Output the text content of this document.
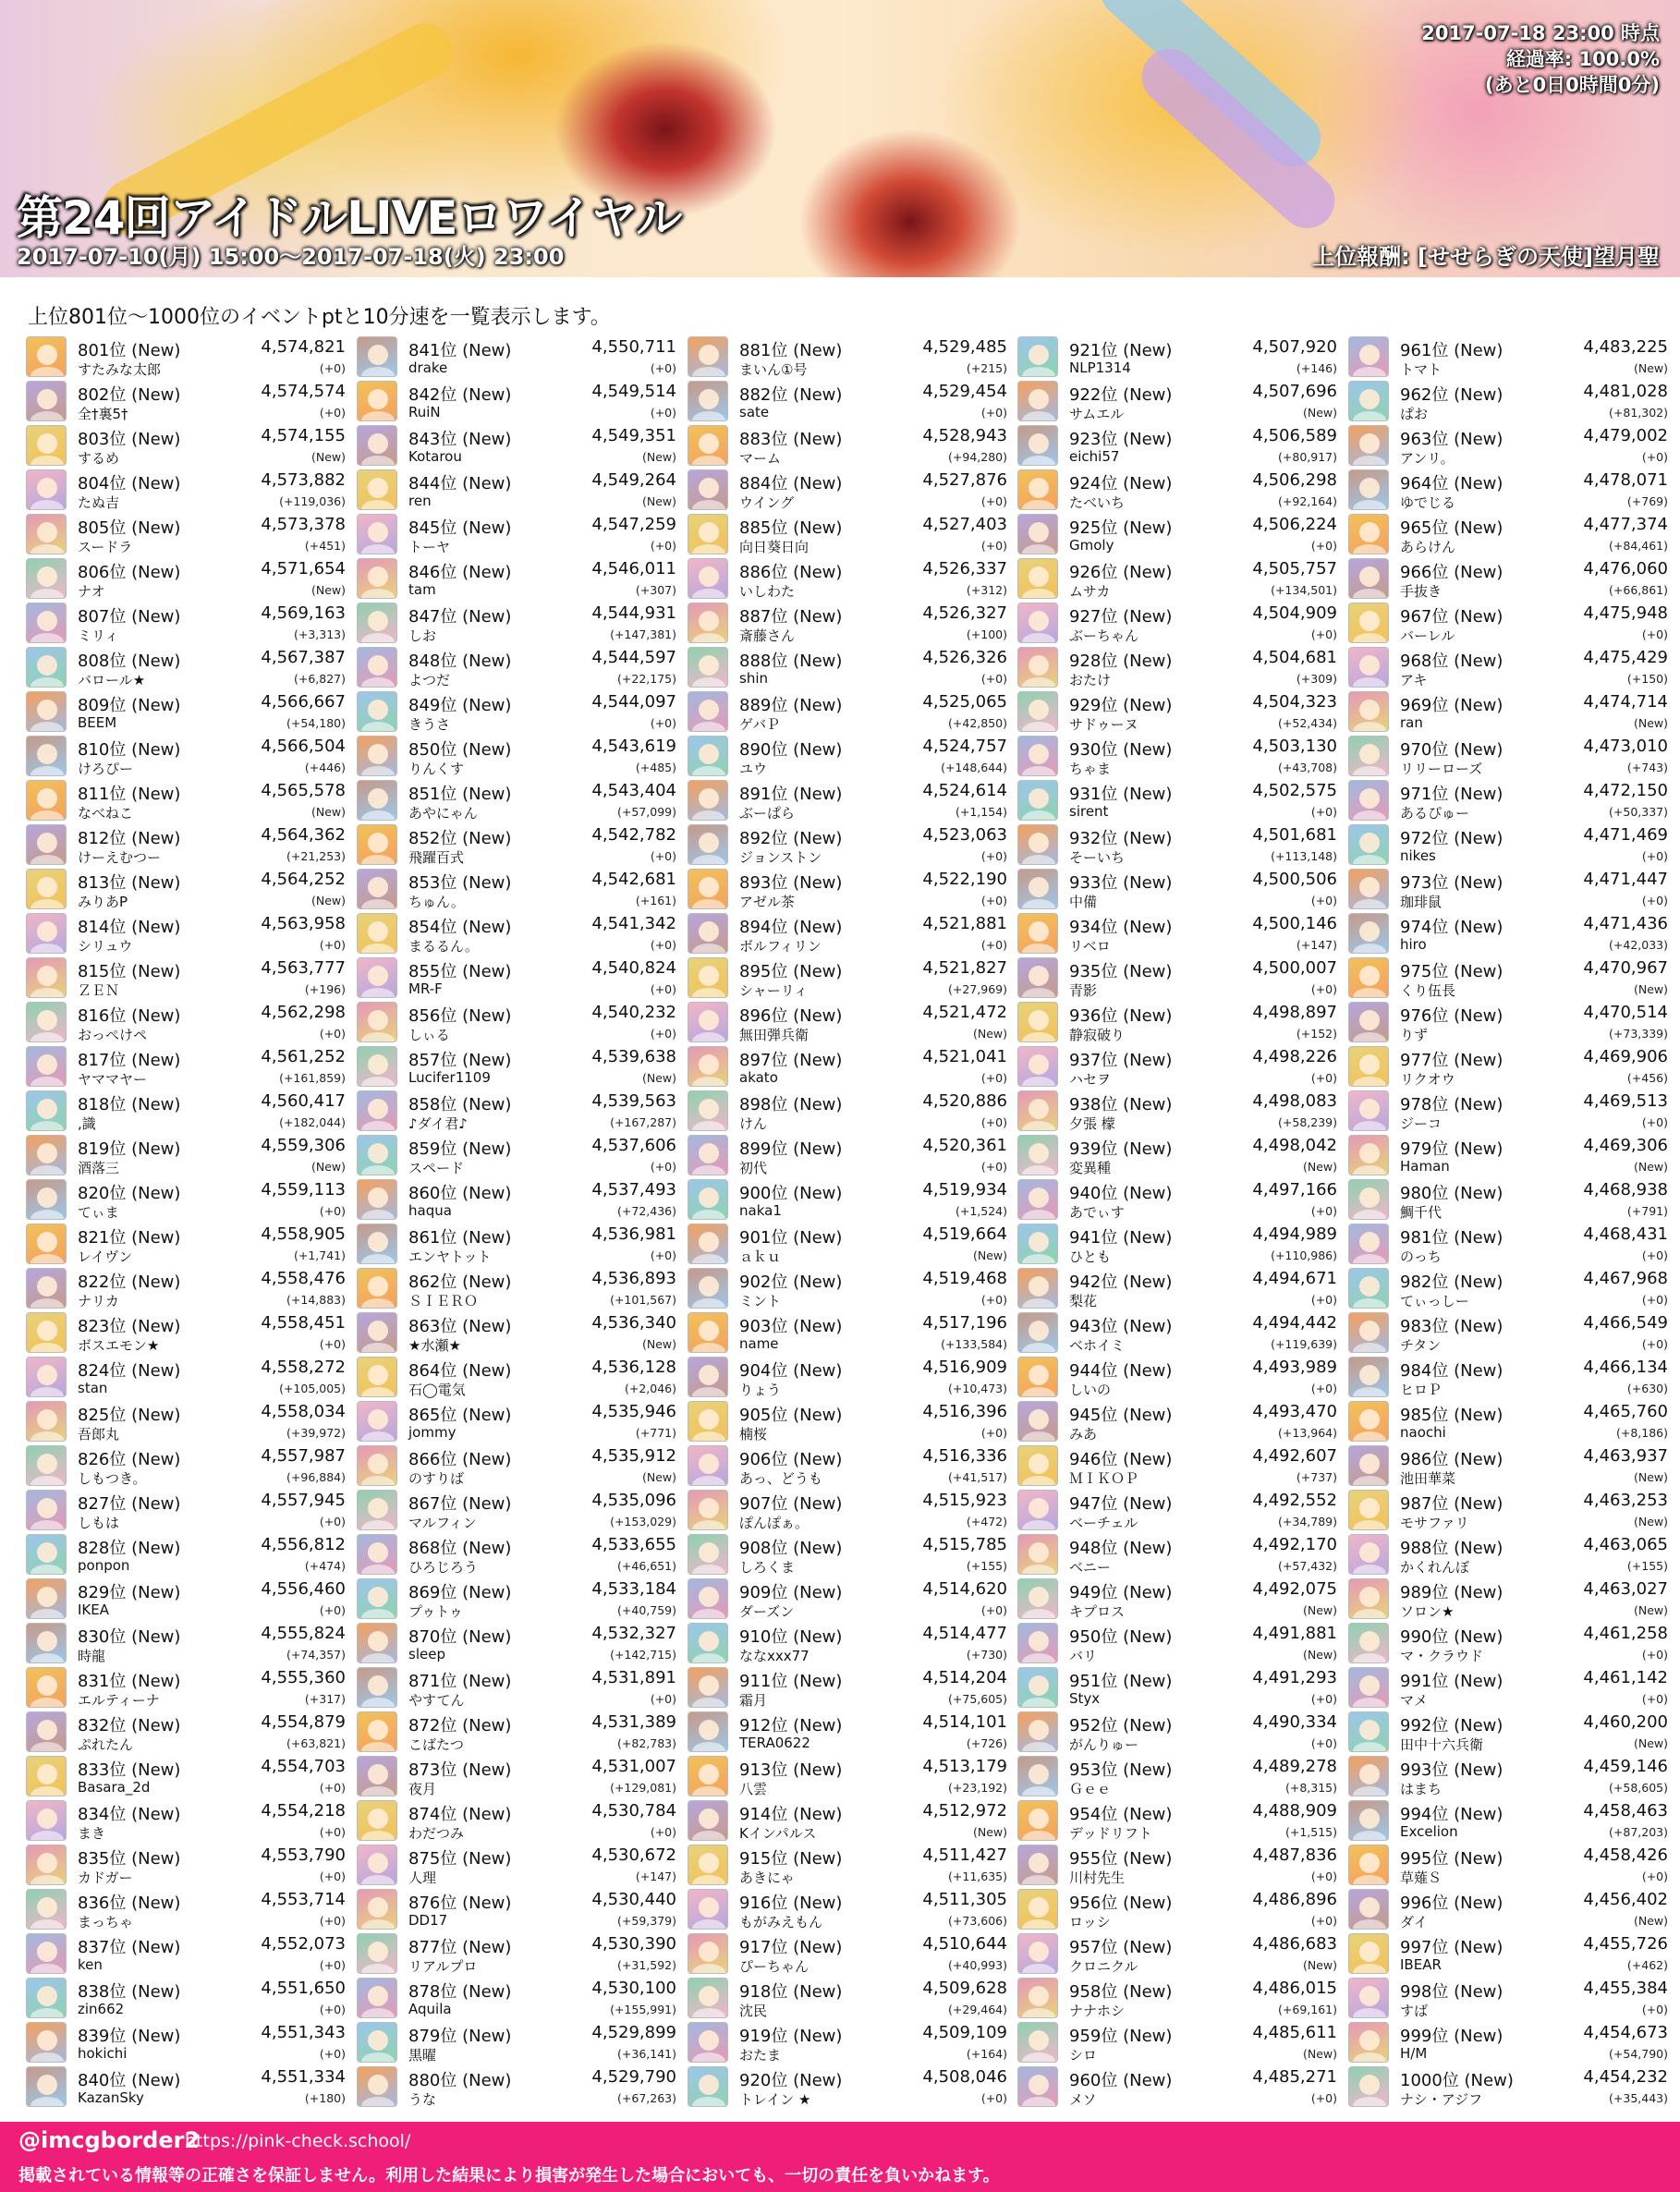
2017-07-18 23:00 時点
経過率: 100.0%
(あと0日0時間0分)
第24回アイドルLIVEロワイヤル
2017-07-10(月) 15:00～2017-07-18(火) 23:00	上位報酬: [せせらぎの天使]望月聖
上位801位～1000位のイベントptと10分速を一覧表示します。
801位 (New)	4,574,821
すたみな太郎	(+0)
802位 (New)	4,574,574
全†裏5†	(+0)
803位 (New)	4,574,155
するめ	(New)
804位 (New)	4,573,882
たぬ吉	(+119,036)
805位 (New)	4,573,378
スードラ	(+451)
806位 (New)	4,571,654
ナオ	(New)
807位 (New)	4,569,163
ミリィ	(+3,313)
808位 (New)	4,567,387
バロール★	(+6,827)
809位 (New)	4,566,667
BEEM	(+54,180)
810位 (New)	4,566,504
けろぴー	(+446)
811位 (New)	4,565,578
なべねこ	(New)
812位 (New)	4,564,362
けーえむつー	(+21,253)
813位 (New)	4,564,252
みりあP	(New)
814位 (New)	4,563,958
シリュウ	(+0)
815位 (New)	4,563,777
ＺＥＮ	(+196)
816位 (New)	4,562,298
おっぺけペ	(+0)
817位 (New)	4,561,252
ヤママヤー	(+161,859)
818位 (New)	4,560,417
,識	(+182,044)
819位 (New)	4,559,306
酒落三	(New)
820位 (New)	4,559,113
てぃま	(+0)
821位 (New)	4,558,905
レイヴン	(+1,741)
822位 (New)	4,558,476
ナリカ	(+14,883)
823位 (New)	4,558,451
ボスエモン★	(+0)
824位 (New)	4,558,272
stan	(+105,005)
825位 (New)	4,558,034
吾郎丸	(+39,972)
826位 (New)	4,557,987
しもつき。	(+96,884)
827位 (New)	4,557,945
しもは	(+0)
828位 (New)	4,556,812
ponpon	(+474)
829位 (New)	4,556,460
IKEA	(+0)
830位 (New)	4,555,824
時龍	(+74,357)
831位 (New)	4,555,360
エルティーナ	(+317)
832位 (New)	4,554,879
ぷれたん	(+63,821)
833位 (New)	4,554,703
Basara_2d	(+0)
834位 (New)	4,554,218
まき	(+0)
835位 (New)	4,553,790
カドガー	(+0)
836位 (New)	4,553,714
まっちゃ	(+0)
837位 (New)	4,552,073
ken	(+0)
838位 (New)	4,551,650
zin662	(+0)
839位 (New)	4,551,343
hokichi	(+0)
840位 (New)	4,551,334
KazanSky	(+180)
841位 (New)	4,550,711
drake	(+0)
842位 (New)	4,549,514
RuiN	(+0)
843位 (New)	4,549,351
Kotarou	(New)
844位 (New)	4,549,264
ren	(New)
845位 (New)	4,547,259
トーヤ	(+0)
846位 (New)	4,546,011
tam	(+307)
847位 (New)	4,544,931
しお	(+147,381)
848位 (New)	4,544,597
よつだ	(+22,175)
849位 (New)	4,544,097
きうさ	(+0)
850位 (New)	4,543,619
りんくす	(+485)
851位 (New)	4,543,404
あやにゃん	(+57,099)
852位 (New)	4,542,782
飛躍百式	(+0)
853位 (New)	4,542,681
ちゅん。	(+161)
854位 (New)	4,541,342
まるるん。	(+0)
855位 (New)	4,540,824
MR-F	(+0)
856位 (New)	4,540,232
しぃる	(+0)
857位 (New)	4,539,638
Lucifer1109	(New)
858位 (New)	4,539,563
♪ダイ君♪	(+167,287)
859位 (New)	4,537,606
スペード	(+0)
860位 (New)	4,537,493
haqua	(+72,436)
861位 (New)	4,536,981
エンヤトット	(+0)
862位 (New)	4,536,893
ＳＩＥＲＯ	(+101,567)
863位 (New)	4,536,340
★水瀬★	(New)
864位 (New)	4,536,128
石◯電気	(+2,046)
865位 (New)	4,535,946
jommy	(+771)
866位 (New)	4,535,912
のすりば	(New)
867位 (New)	4,535,096
マルフィン	(+153,029)
868位 (New)	4,533,655
ひろじろう	(+46,651)
869位 (New)	4,533,184
プゥトゥ	(+40,759)
870位 (New)	4,532,327
sleep	(+142,715)
871位 (New)	4,531,891
やすてん	(+0)
872位 (New)	4,531,389
こばたつ	(+82,783)
873位 (New)	4,531,007
夜月	(+129,081)
874位 (New)	4,530,784
わだつみ	(+0)
875位 (New)	4,530,672
人理	(+147)
876位 (New)	4,530,440
DD17	(+59,379)
877位 (New)	4,530,390
リアルプロ	(+31,592)
878位 (New)	4,530,100
Aquila	(+155,991)
879位 (New)	4,529,899
黒曜	(+36,141)
880位 (New)	4,529,790
うな	(+67,263)
881位 (New)	4,529,485
まいん①号	(+215)
882位 (New)	4,529,454
sate	(+0)
883位 (New)	4,528,943
マーム	(+94,280)
884位 (New)	4,527,876
ウイング	(+0)
885位 (New)	4,527,403
向日葵日向	(+0)
886位 (New)	4,526,337
いしわた	(+312)
887位 (New)	4,526,327
斎藤さん	(+100)
888位 (New)	4,526,326
shin	(+0)
889位 (New)	4,525,065
ゲバＰ	(+42,850)
890位 (New)	4,524,757
ユウ	(+148,644)
891位 (New)	4,524,614
ぶーぱら	(+1,154)
892位 (New)	4,523,063
ジョンストン	(+0)
893位 (New)	4,522,190
アゼル茶	(+0)
894位 (New)	4,521,881
ボルフィリン	(+0)
895位 (New)	4,521,827
シャーリィ	(+27,969)
896位 (New)	4,521,472
無田弾兵衛	(New)
897位 (New)	4,521,041
akato	(+0)
898位 (New)	4,520,886
けん	(+0)
899位 (New)	4,520,361
初代	(+0)
900位 (New)	4,519,934
naka1	(+1,524)
901位 (New)	4,519,664
ａｋｕ	(New)
902位 (New)	4,519,468
ミント	(+0)
903位 (New)	4,517,196
name	(+133,584)
904位 (New)	4,516,909
りょう	(+10,473)
905位 (New)	4,516,396
楠桜	(+0)
906位 (New)	4,516,336
あっ、どうも	(+41,517)
907位 (New)	4,515,923
ぽんぽぁ。	(+472)
908位 (New)	4,515,785
しろくま	(+155)
909位 (New)	4,514,620
ダーズン	(+0)
910位 (New)	4,514,477
ななxxx77	(+730)
911位 (New)	4,514,204
霜月	(+75,605)
912位 (New)	4,514,101
TERA0622	(+726)
913位 (New)	4,513,179
八雲	(+23,192)
914位 (New)	4,512,972
Kインパルス	(New)
915位 (New)	4,511,427
あきにゃ	(+11,635)
916位 (New)	4,511,305
もがみえもん	(+73,606)
917位 (New)	4,510,644
ぴーちゃん	(+40,993)
918位 (New)	4,509,628
沈民	(+29,464)
919位 (New)	4,509,109
おたま	(+164)
920位 (New)	4,508,046
トレイン ★	(+0)
921位 (New)	4,507,920
NLP1314	(+146)
922位 (New)	4,507,696
サムエル	(New)
923位 (New)	4,506,589
eichi57	(+80,917)
924位 (New)	4,506,298
たべいち	(+92,164)
925位 (New)	4,506,224
Gmoly	(+0)
926位 (New)	4,505,757
ムサカ	(+134,501)
927位 (New)	4,504,909
ぶーちゃん	(+0)
928位 (New)	4,504,681
おたけ	(+309)
929位 (New)	4,504,323
サドゥーヌ	(+52,434)
930位 (New)	4,503,130
ちゃま	(+43,708)
931位 (New)	4,502,575
sirent	(+0)
932位 (New)	4,501,681
そーいち	(+113,148)
933位 (New)	4,500,506
中備	(+0)
934位 (New)	4,500,146
リベロ	(+147)
935位 (New)	4,500,007
青影	(+0)
936位 (New)	4,498,897
静寂破り	(+152)
937位 (New)	4,498,226
ハセヲ	(+0)
938位 (New)	4,498,083
夕張 檬	(+58,239)
939位 (New)	4,498,042
変異種	(New)
940位 (New)	4,497,166
あでぃす	(+0)
941位 (New)	4,494,989
ひとも	(+110,986)
942位 (New)	4,494,671
梨花	(+0)
943位 (New)	4,494,442
ベホイミ	(+119,639)
944位 (New)	4,493,989
しいの	(+0)
945位 (New)	4,493,470
みあ	(+13,964)
946位 (New)	4,492,607
ＭＩＫＯＰ	(+737)
947位 (New)	4,492,552
ベーチェル	(+34,789)
948位 (New)	4,492,170
ベニー	(+57,432)
949位 (New)	4,492,075
キプロス	(New)
950位 (New)	4,491,881
バリ	(New)
951位 (New)	4,491,293
Styx	(+0)
952位 (New)	4,490,334
がんりゅー	(+0)
953位 (New)	4,489,278
Ｇｅｅ	(+8,315)
954位 (New)	4,488,909
デッドリフト	(+1,515)
955位 (New)	4,487,836
川村先生	(+0)
956位 (New)	4,486,896
ロッシ	(+0)
957位 (New)	4,486,683
クロニクル	(New)
958位 (New)	4,486,015
ナナホシ	(+69,161)
959位 (New)	4,485,611
シロ	(New)
960位 (New)	4,485,271
メソ	(+0)
961位 (New)	4,483,225
トマト	(New)
962位 (New)	4,481,028
ぱお	(+81,302)
963位 (New)	4,479,002
アンリ。	(+0)
964位 (New)	4,478,071
ゆでじる	(+769)
965位 (New)	4,477,374
あらけん	(+84,461)
966位 (New)	4,476,060
手抜き	(+66,861)
967位 (New)	4,475,948
バーレル	(+0)
968位 (New)	4,475,429
アキ	(+150)
969位 (New)	4,474,714
ran	(New)
970位 (New)	4,473,010
リリーローズ	(+743)
971位 (New)	4,472,150
あるぴゅー	(+50,337)
972位 (New)	4,471,469
nikes	(+0)
973位 (New)	4,471,447
珈琲鼠	(+0)
974位 (New)	4,471,436
hiro	(+42,033)
975位 (New)	4,470,967
くり伍長	(New)
976位 (New)	4,470,514
りず	(+73,339)
977位 (New)	4,469,906
リクオウ	(+456)
978位 (New)	4,469,513
ジーコ	(+0)
979位 (New)	4,469,306
Haman	(New)
980位 (New)	4,468,938
鯛千代	(+791)
981位 (New)	4,468,431
のっち	(+0)
982位 (New)	4,467,968
てぃっしー	(+0)
983位 (New)	4,466,549
チタン	(+0)
984位 (New)	4,466,134
ヒロＰ	(+630)
985位 (New)	4,465,760
naochi	(+8,186)
986位 (New)	4,463,937
池田華菜	(New)
987位 (New)	4,463,253
モサファリ	(New)
988位 (New)	4,463,065
かくれんぼ	(+155)
989位 (New)	4,463,027
ソロン★	(New)
990位 (New)	4,461,258
マ・クラウド	(+0)
991位 (New)	4,461,142
マメ	(+0)
992位 (New)	4,460,200
田中十六兵衛	(New)
993位 (New)	4,459,146
はまち	(+58,605)
994位 (New)	4,458,463
Excelion	(+87,203)
995位 (New)	4,458,426
草薙Ｓ	(+0)
996位 (New)	4,456,402
ダイ	(New)
997位 (New)	4,455,726
IBEAR	(+462)
998位 (New)	4,455,384
すば	(+0)
999位 (New)	4,454,673
H/M	(+54,790)
1000位 (New)	4,454,232
ナシ・アジフ	(+35,443)
@imcgborder2
https://pink-check.school/
掲載されている情報等の正確さを保証しません。利用した結果により損害が発生した場合においても、一切の責任を負いかねます。
